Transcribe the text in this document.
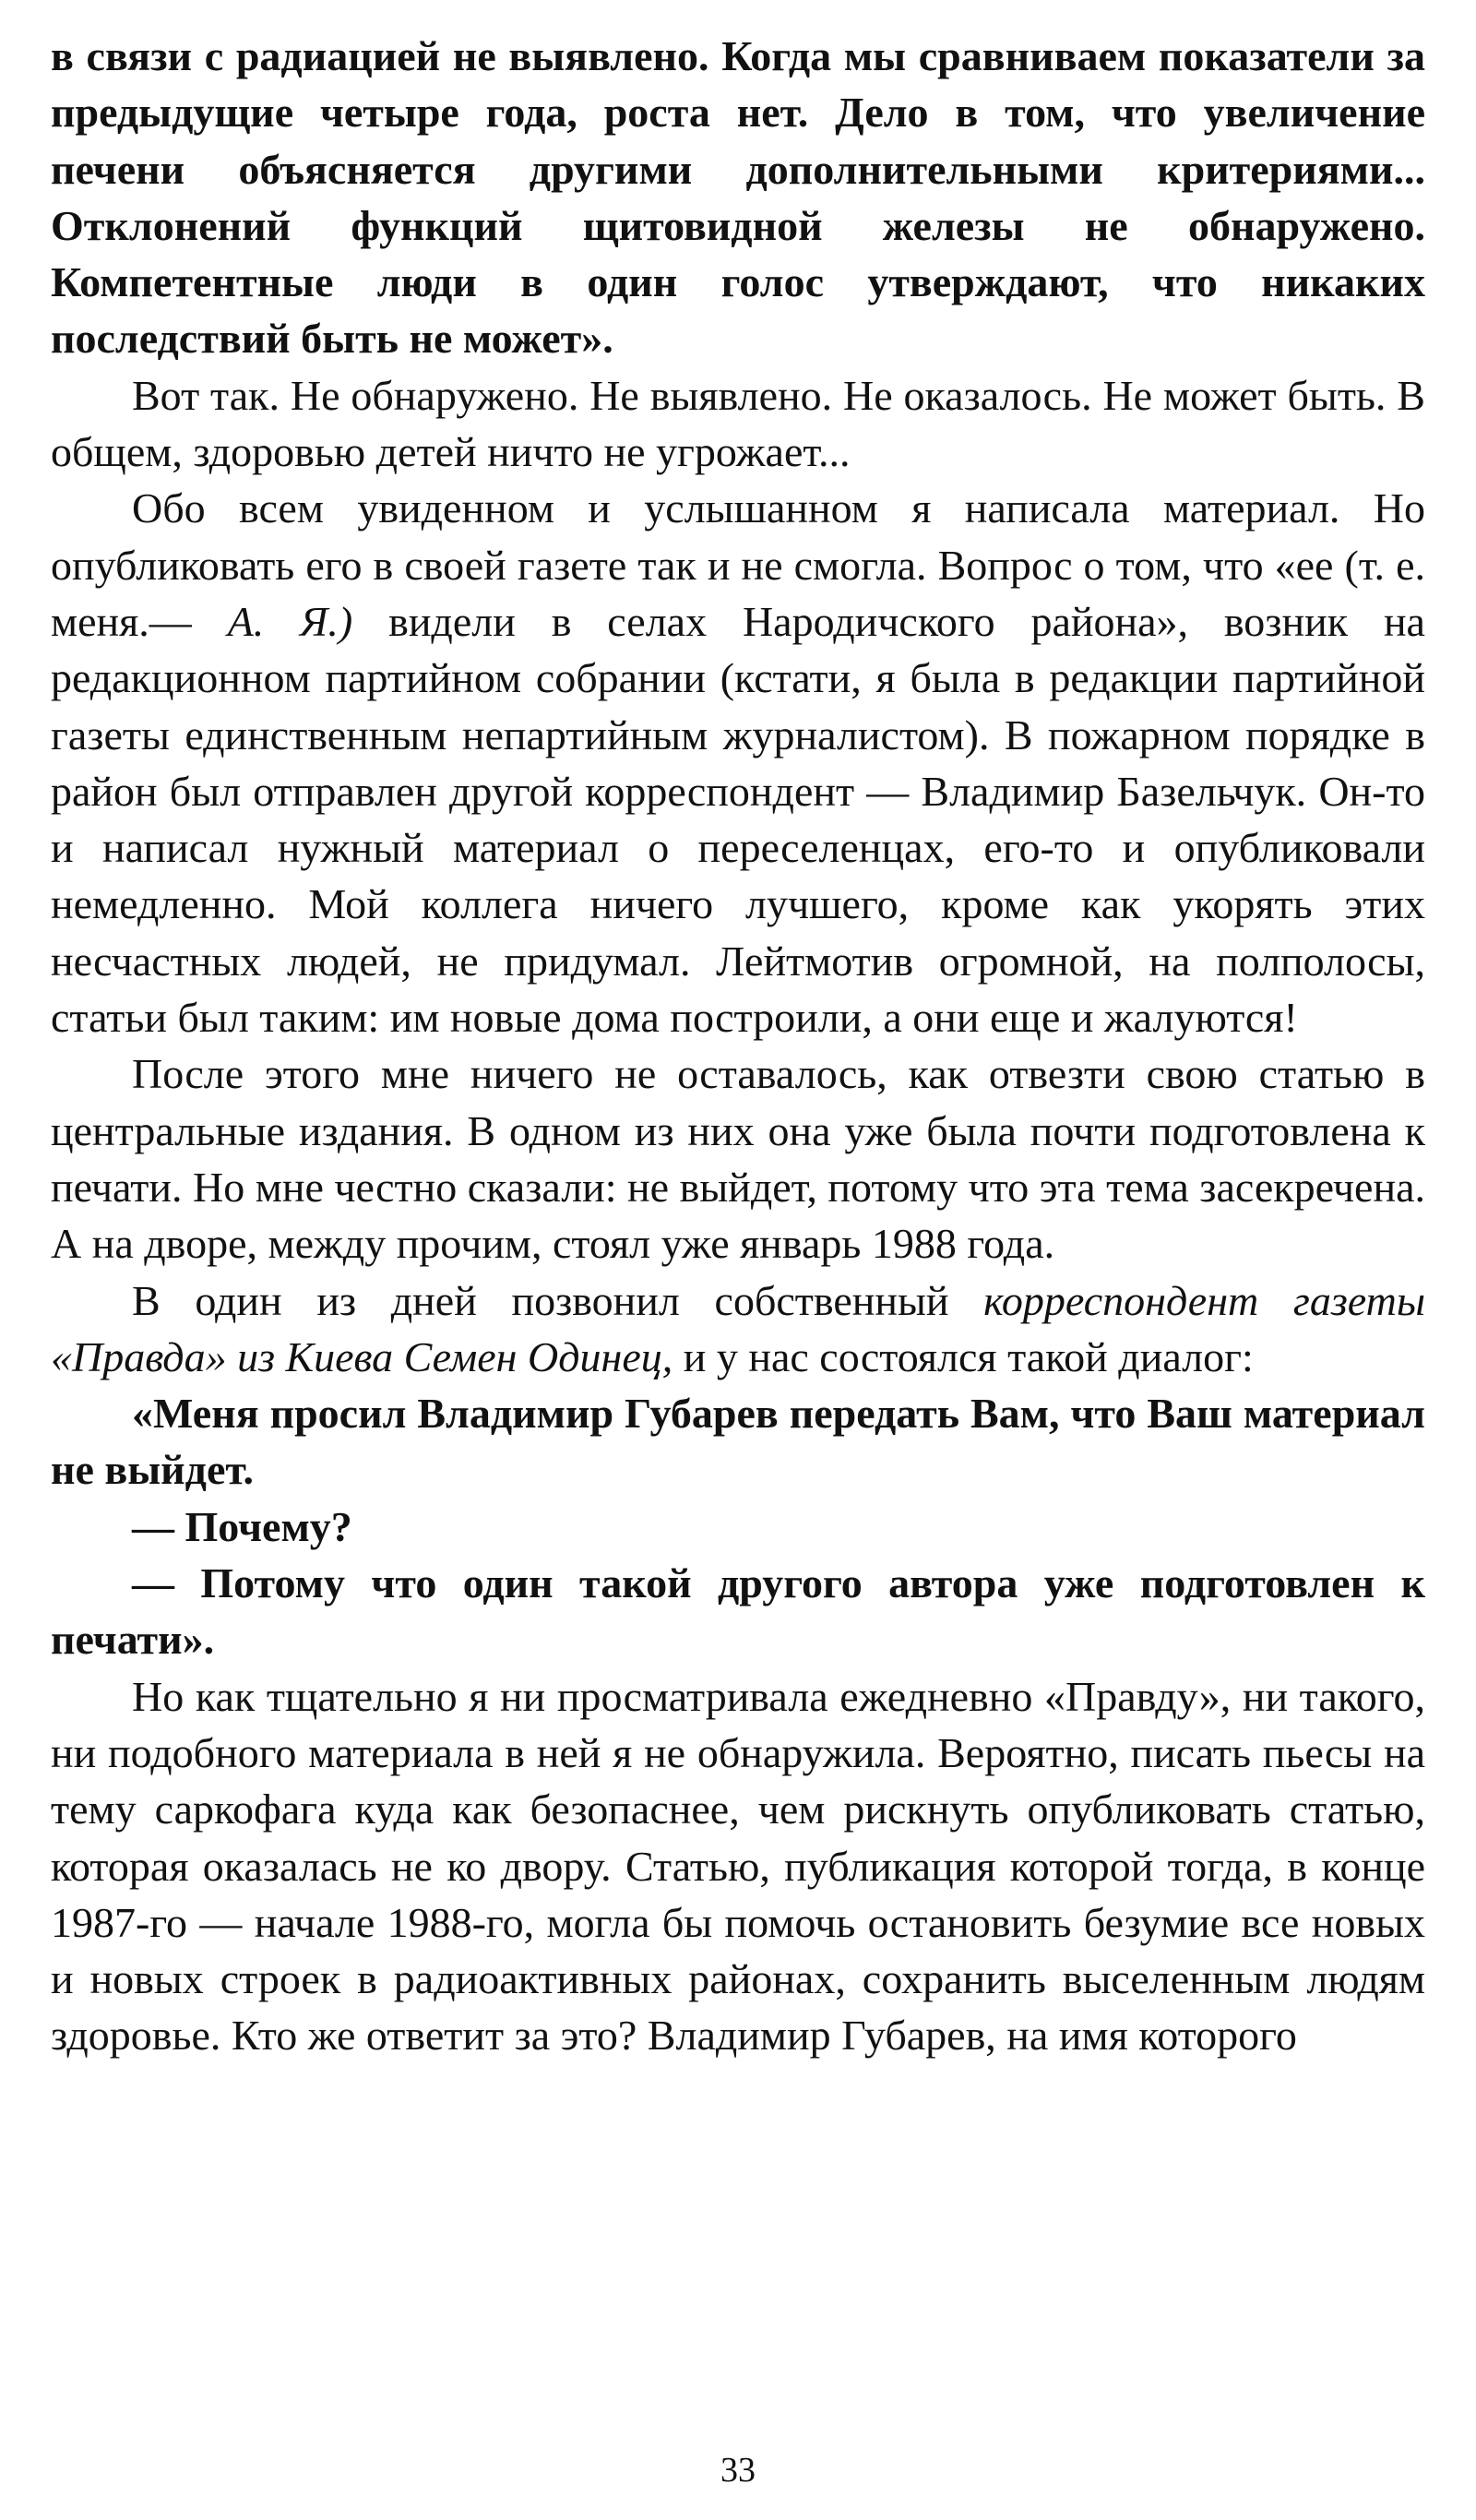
в связи с радиацией не выявлено. Когда мы сравниваем показатели за предыдущие четыре года, роста нет. Дело в том, что увеличение печени объясняется другими дополнительными критериями... Отклонений функций щитовидной железы не обнаружено. Компетентные люди в один голос утверждают, что никаких последствий быть не может».

Вот так. Не обнаружено. Не выявлено. Не оказалось. Не может быть. В общем, здоровью детей ничто не угрожает...

Обо всем увиденном и услышанном я написала материал. Но опубликовать его в своей газете так и не смогла. Вопрос о том, что «ее (т. е. меня.— А. Я.) видели в селах Народичского района», возник на редакционном партийном собрании (кстати, я была в редакции партийной газеты единственным непартийным журналистом). В пожарном порядке в район был отправлен другой корреспондент — Владимир Базельчук. Он-то и написал нужный материал о переселенцах, его-то и опубликовали немедленно. Мой коллега ничего лучшего, кроме как укорять этих несчастных людей, не придумал. Лейтмотив огромной, на полполосы, статьи был таким: им новые дома построили, а они еще и жалуются!

После этого мне ничего не оставалось, как отвезти свою статью в центральные издания. В одном из них она уже была почти подготовлена к печати. Но мне честно сказали: не выйдет, потому что эта тема засекречена. А на дворе, между прочим, стоял уже январь 1988 года.

В один из дней позвонил собственный корреспондент газеты «Правда» из Киева Семен Одинец, и у нас состоялся такой диалог:

«Меня просил Владимир Губарев передать Вам, что Ваш материал не выйдет.

— Почему?

— Потому что один такой другого автора уже подготовлен к печати».

Но как тщательно я ни просматривала ежедневно «Правду», ни такого, ни подобного материала в ней я не обнаружила. Вероятно, писать пьесы на тему саркофага куда как безопаснее, чем рискнуть опубликовать статью, которая оказалась не ко двору. Статью, публикация которой тогда, в конце 1987-го — начале 1988-го, могла бы помочь остановить безумие все новых и новых строек в радиоактивных районах, сохранить выселенным людям здоровье. Кто же ответит за это? Владимир Губарев, на имя которого

33
